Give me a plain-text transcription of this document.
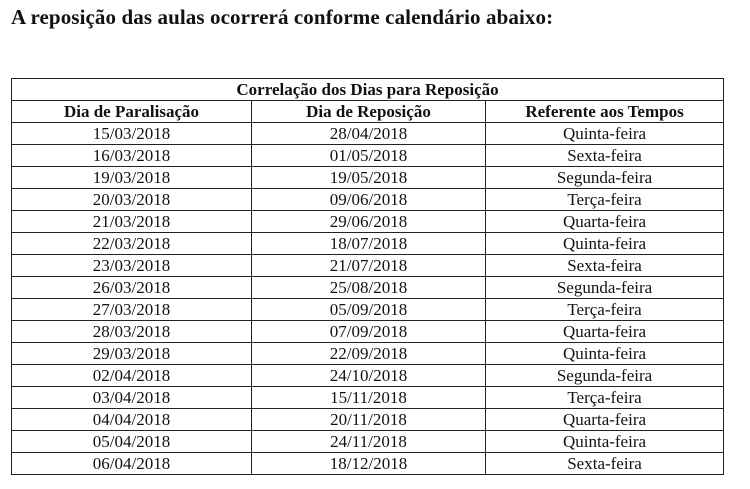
A reposição das aulas ocorrerá conforme calendário abaixo:
Correlação dos Dias para Reposição		
Dia de Paralisação	Dia de Reposição	Referente aos Tempos
15/03/2018	28/04/2018	Quinta-feira
16/03/2018	01/05/2018	Sexta-feira
19/03/2018	19/05/2018	Segunda-feira
20/03/2018	09/06/2018	Terça-feira
21/03/2018	29/06/2018	Quarta-feira
22/03/2018	18/07/2018	Quinta-feira
23/03/2018	21/07/2018	Sexta-feira
26/03/2018	25/08/2018	Segunda-feira
27/03/2018	05/09/2018	Terça-feira
28/03/2018	07/09/2018	Quarta-feira
29/03/2018	22/09/2018	Quinta-feira
02/04/2018	24/10/2018	Segunda-feira
03/04/2018	15/11/2018	Terça-feira
04/04/2018	20/11/2018	Quarta-feira
05/04/2018	24/11/2018	Quinta-feira
06/04/2018	18/12/2018	Sexta-feira
